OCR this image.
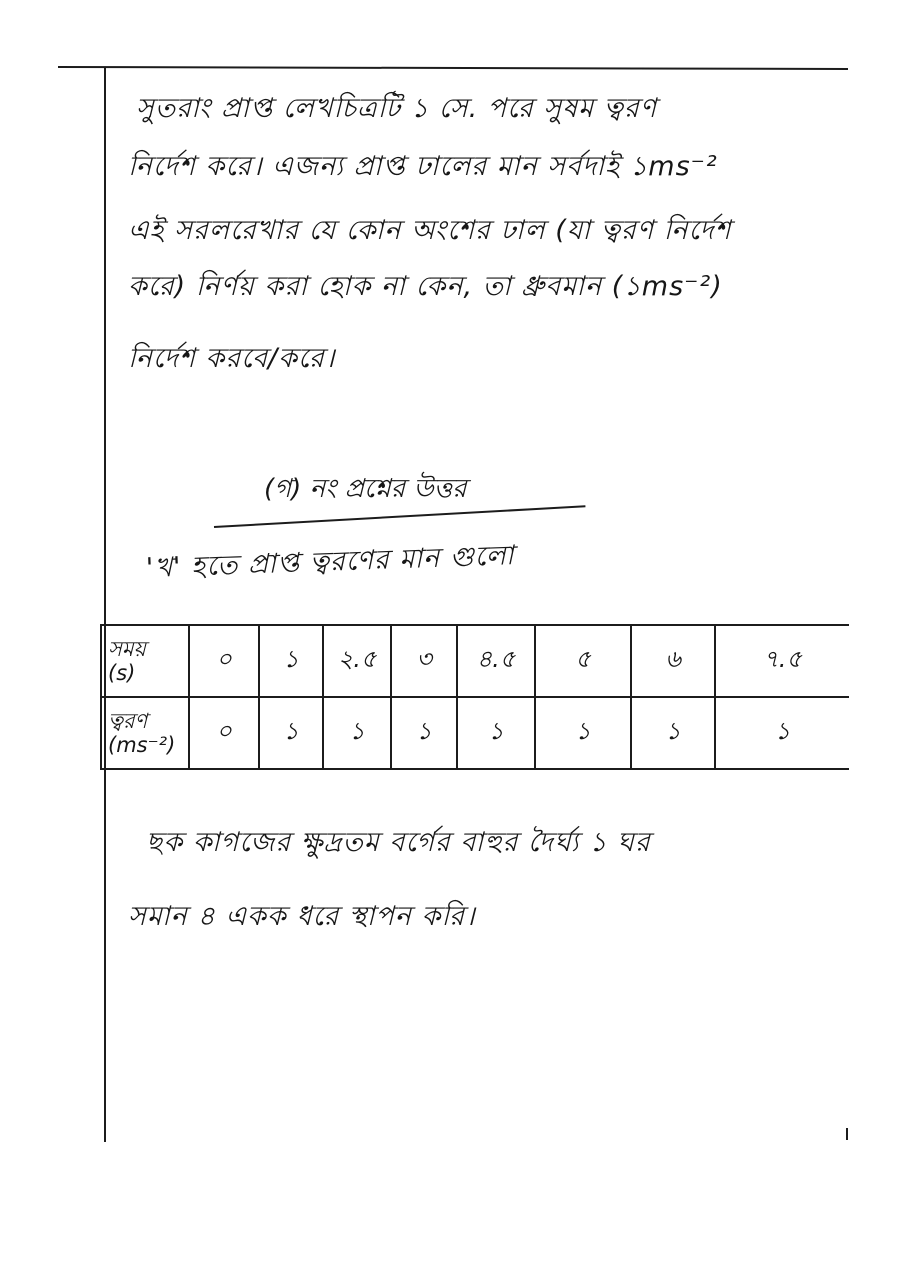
সুতরাং প্রাপ্ত লেখচিত্রটি ১ সে. পরে সুষম ত্বরণ
নির্দেশ করে। এজন্য প্রাপ্ত ঢালের মান সর্বদাই ১ms⁻²
এই সরলরেখার যে কোন অংশের ঢাল (যা ত্বরণ নির্দেশ
করে) নির্ণয় করা হোক না কেন, তা ধ্রুবমান (১ms⁻²)
নির্দেশ করবে/করে।
(গ) নং প্রশ্নের উত্তর
'খ' হতে প্রাপ্ত ত্বরণের মান গুলো
সময়
(s)	০	১	২.৫	৩	৪.৫	৫	৬	৭.৫
ত্বরণ
(ms⁻²)	০	১	১	১	১	১	১	১
ছক কাগজের ক্ষুদ্রতম বর্গের বাহুর দৈর্ঘ্য ১ ঘর
সমান ৪ একক ধরে স্থাপন করি।
